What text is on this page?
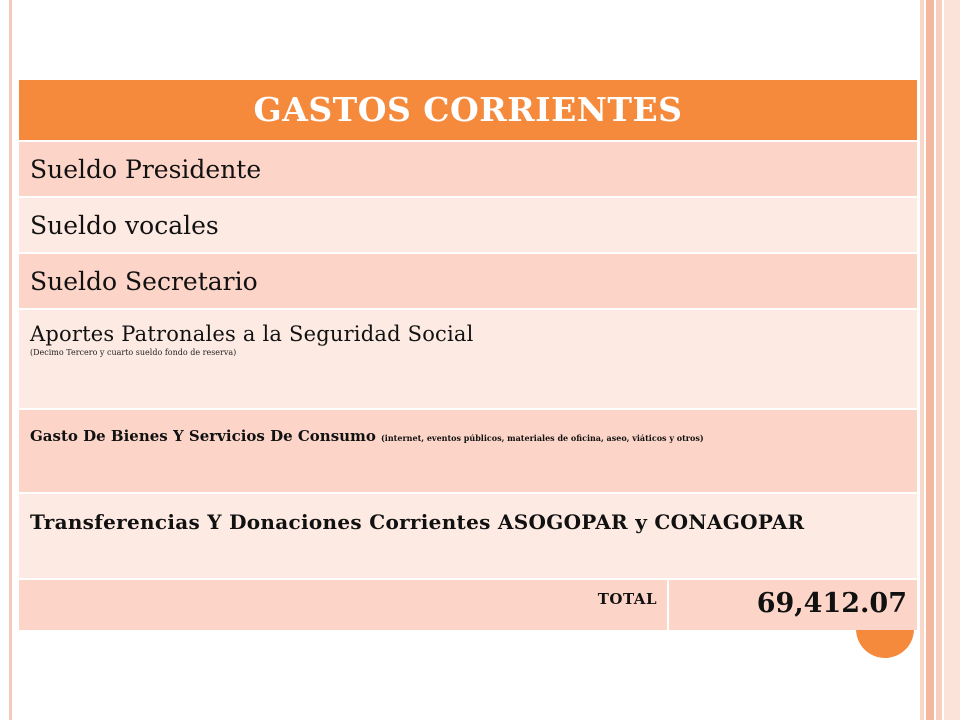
GASTOS CORRIENTES
Sueldo Presidente
Sueldo vocales
Sueldo Secretario
Aportes Patronales a la Seguridad Social
(Decimo Tercero y cuarto sueldo fondo de reserva)
Gasto De Bienes Y Servicios De Consumo (internet, eventos públicos, materiales de oficina, aseo, viáticos y otros)
Transferencias Y Donaciones Corrientes ASOGOPAR y CONAGOPAR
TOTAL	69,412.07
